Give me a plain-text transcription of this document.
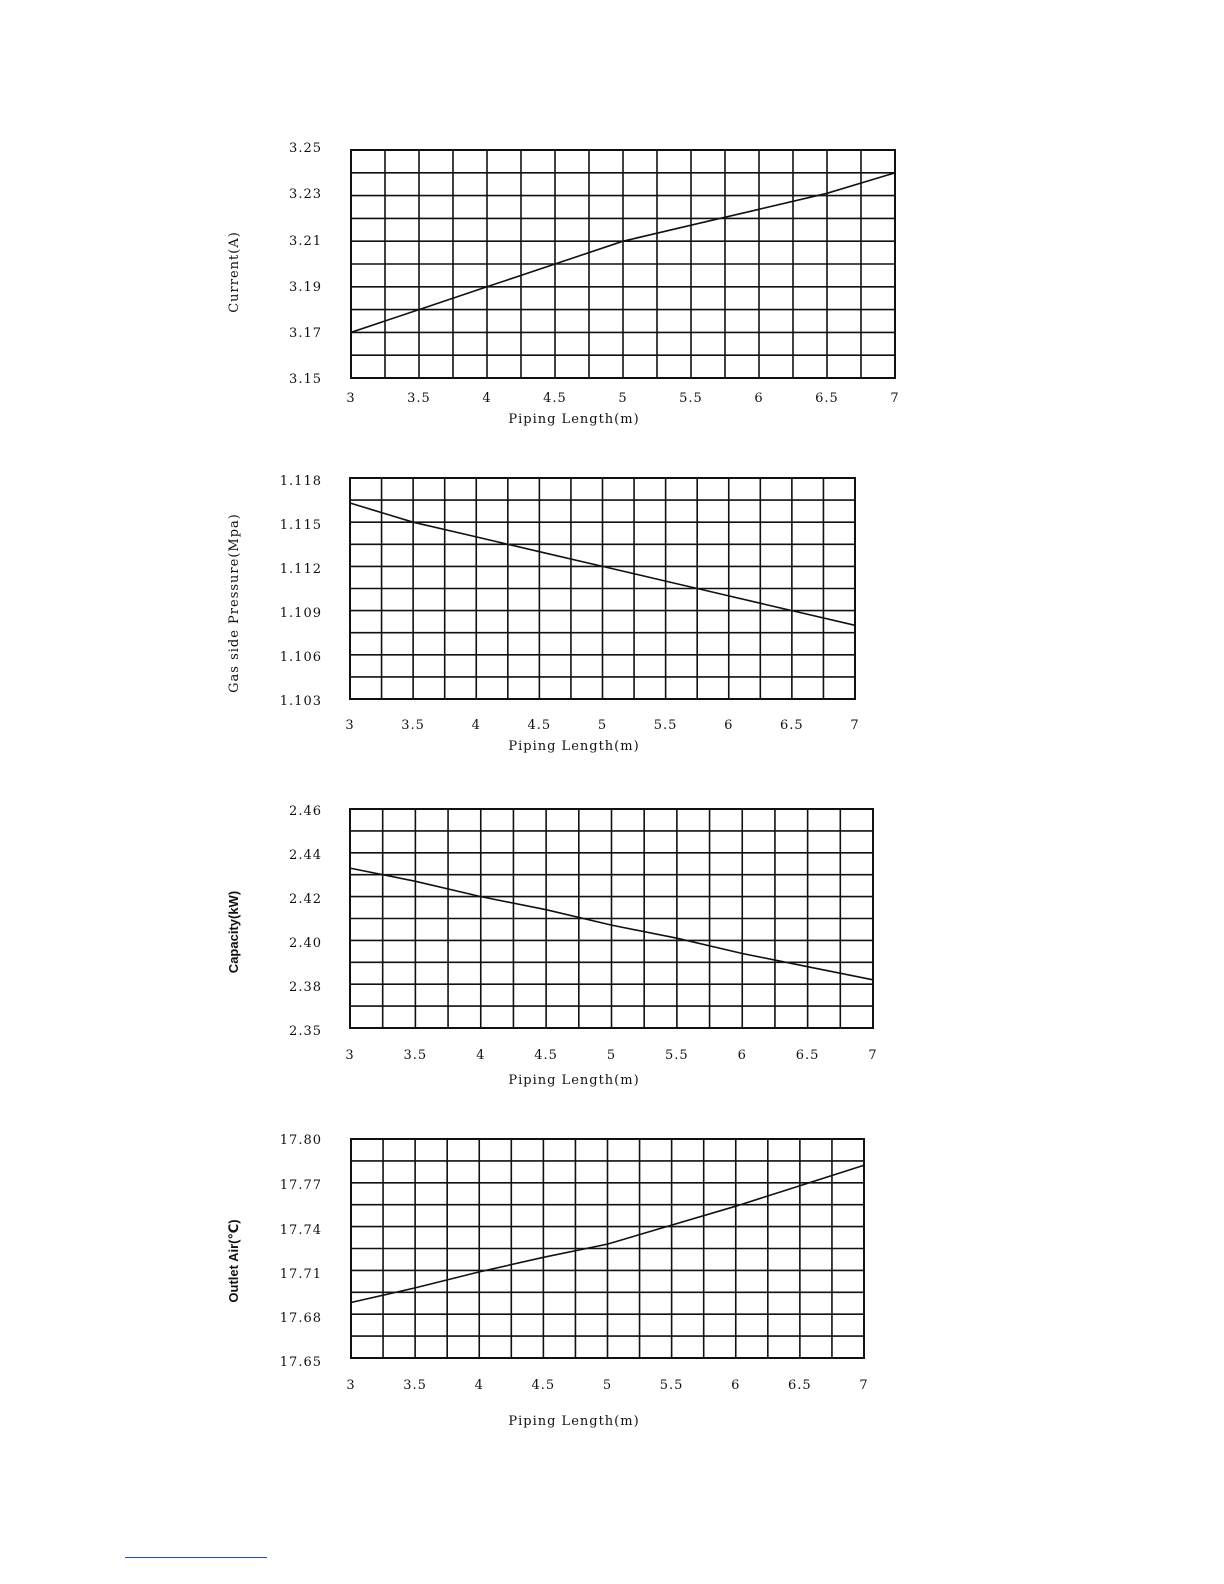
3	3.5	4	4.5	5	5.5	6	6.5	7
3.15
3.17
3.19
3.21
3.23
3.25
Piping Length(m)
Current(A)
3	3.5	4	4.5	5	5.5	6	6.5	7
1.103
1.106
1.109
1.112
1.115
1.118
Piping Length(m)
Gas side Pressure(Mpa)
3	3.5	4	4.5	5	5.5	6	6.5	7
2.35
2.38
2.40
2.42
2.44
2.46
Piping Length(m)
Capacity(kW)
3	3.5	4	4.5	5	5.5	6	6.5	7
17.65
17.68
17.71
17.74
17.77
17.80
Piping Length(m)
Outlet Air(℃)
